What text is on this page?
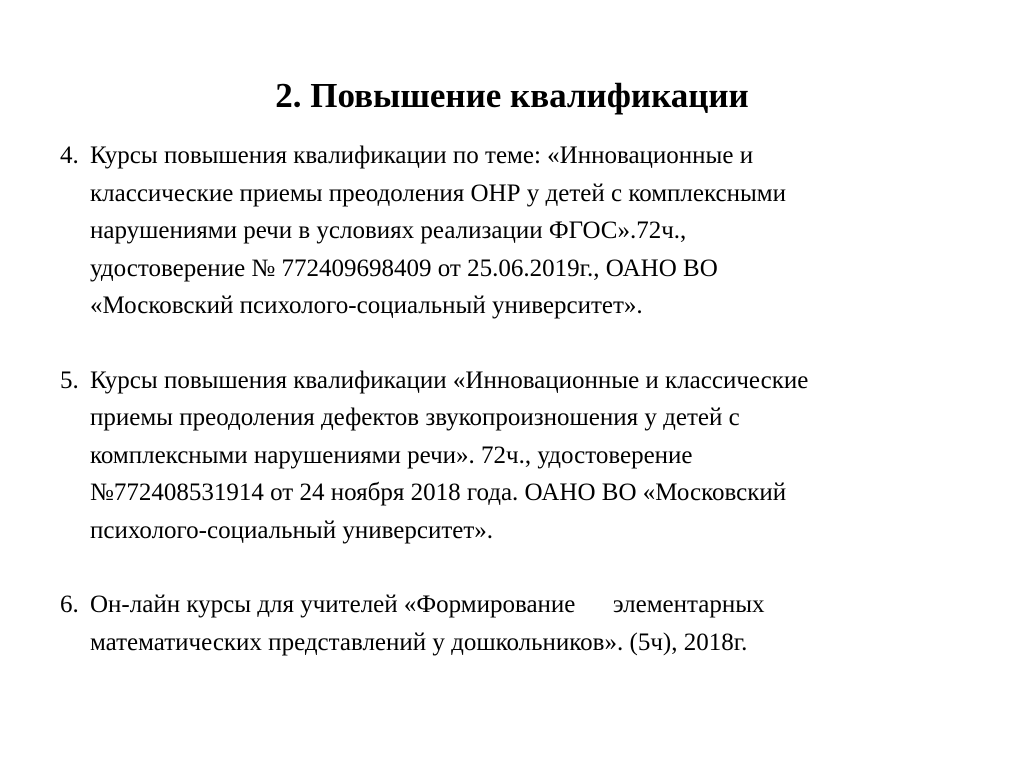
2. Повышение квалификации
4. Курсы повышения квалификации по теме: «Инновационные и
классические приемы преодоления ОНР у детей с комплексными
нарушениями речи в условиях реализации ФГОС».72ч.,
удостоверение № 772409698409 от 25.06.2019г., ОАНО ВО
«Московский психолого-социальный университет».
5. Курсы повышения квалификации «Инновационные и классические
приемы преодоления дефектов звукопроизношения у детей с
комплексными нарушениями речи». 72ч., удостоверение
№772408531914 от 24 ноября 2018 года. ОАНО ВО «Московский
психолого-социальный университет».
6. Он-лайн курсы для учителей «Формирование      элементарных
математических представлений у дошкольников». (5ч), 2018г.
